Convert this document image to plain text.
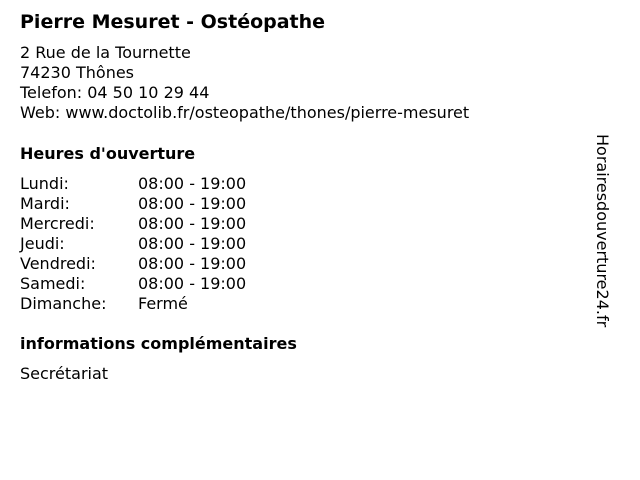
Pierre Mesuret - Ostéopathe
2 Rue de la Tournette
74230 Thônes
Telefon: 04 50 10 29 44
Web: www.doctolib.fr/osteopathe/thones/pierre-mesuret
Heures d'ouverture
Lundi:	08:00 - 19:00
Mardi:	08:00 - 19:00
Mercredi:	08:00 - 19:00
Jeudi:	08:00 - 19:00
Vendredi:	08:00 - 19:00
Samedi:	08:00 - 19:00
Dimanche:	Fermé
informations complémentaires
Secrétariat
Horairesdouverture24.fr
